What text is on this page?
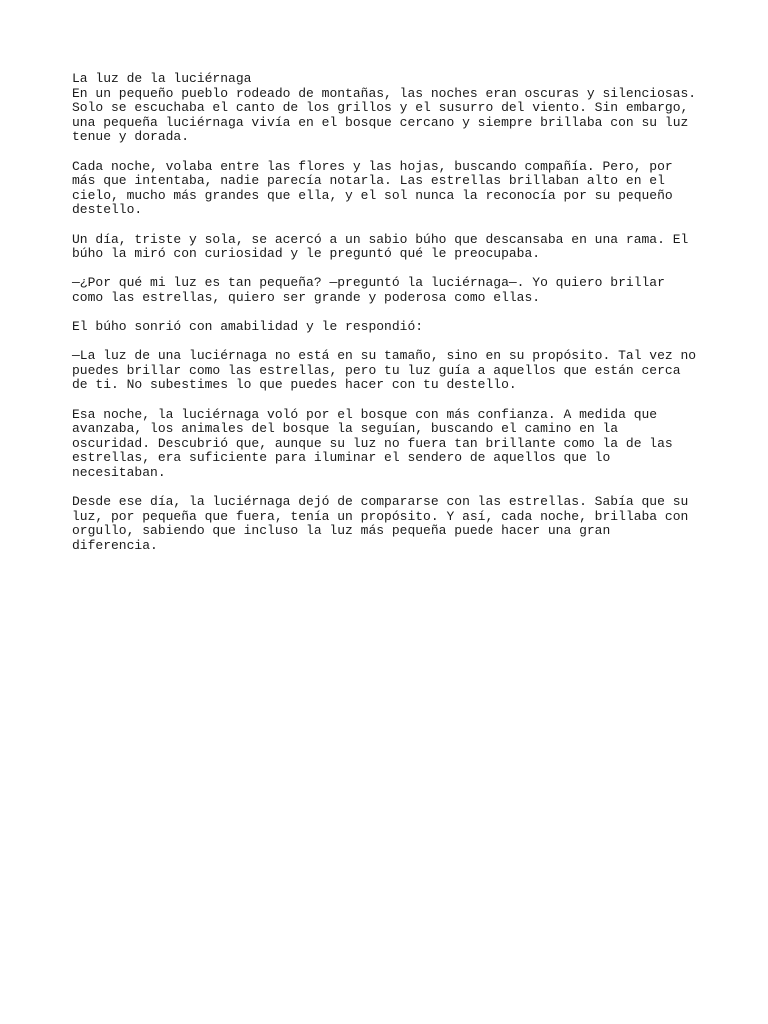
La luz de la luciérnaga

En un pequeño pueblo rodeado de montañas, las noches eran oscuras y silenciosas. Solo se escuchaba el canto de los grillos y el susurro del viento. Sin embargo, una pequeña luciérnaga vivía en el bosque cercano y siempre brillaba con su luz tenue y dorada.

Cada noche, volaba entre las flores y las hojas, buscando compañía. Pero, por más que intentaba, nadie parecía notarla. Las estrellas brillaban alto en el cielo, mucho más grandes que ella, y el sol nunca la reconocía por su pequeño destello.

Un día, triste y sola, se acercó a un sabio búho que descansaba en una rama. El búho la miró con curiosidad y le preguntó qué le preocupaba.

—¿Por qué mi luz es tan pequeña? —preguntó la luciérnaga—. Yo quiero brillar como las estrellas, quiero ser grande y poderosa como ellas.

El búho sonrió con amabilidad y le respondió:

—La luz de una luciérnaga no está en su tamaño, sino en su propósito. Tal vez no puedes brillar como las estrellas, pero tu luz guía a aquellos que están cerca de ti. No subestimes lo que puedes hacer con tu destello.

Esa noche, la luciérnaga voló por el bosque con más confianza. A medida que avanzaba, los animales del bosque la seguían, buscando el camino en la oscuridad. Descubrió que, aunque su luz no fuera tan brillante como la de las estrellas, era suficiente para iluminar el sendero de aquellos que lo necesitaban.

Desde ese día, la luciérnaga dejó de compararse con las estrellas. Sabía que su luz, por pequeña que fuera, tenía un propósito. Y así, cada noche, brillaba con orgullo, sabiendo que incluso la luz más pequeña puede hacer una gran diferencia.
